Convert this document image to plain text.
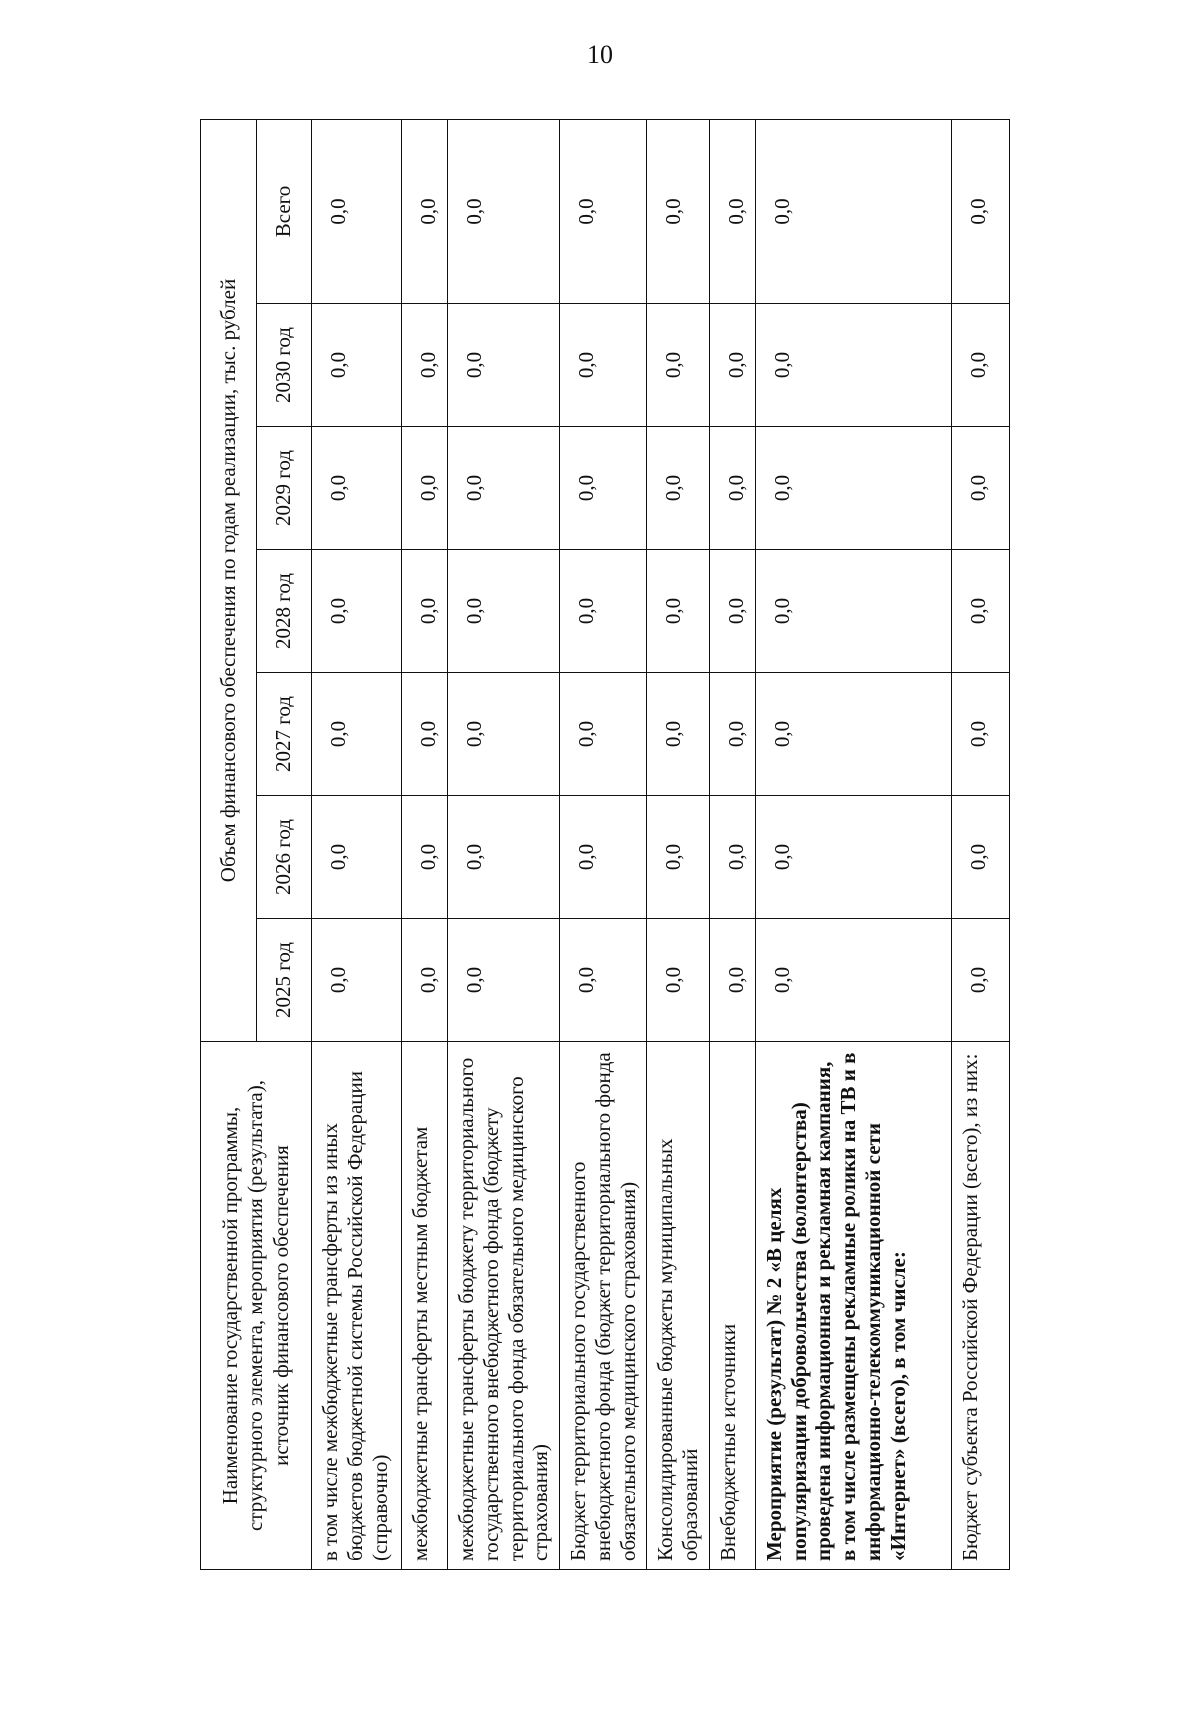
10
Наименование государственной программы, структурного элемента, мероприятия (результата), источник финансового обеспечения	Объем финансового обеспечения по годам реализации, тыс. рублей						
	2025 год	2026 год	2027 год	2028 год	2029 год	2030 год	Всего
в том числе межбюджетные трансферты из иных бюджетов бюджетной системы Российской Федерации (справочно)	0,0	0,0	0,0	0,0	0,0	0,0	0,0
межбюджетные трансферты местным бюджетам	0,0	0,0	0,0	0,0	0,0	0,0	0,0
межбюджетные трансферты бюджету территориального государственного внебюджетного фонда (бюджету территориального фонда обязательного медицинского страхования)	0,0	0,0	0,0	0,0	0,0	0,0	0,0
Бюджет территориального государственного внебюджетного фонда (бюджет территориального фонда обязательного медицинского страхования)	0,0	0,0	0,0	0,0	0,0	0,0	0,0
Консолидированные бюджеты муниципальных образований	0,0	0,0	0,0	0,0	0,0	0,0	0,0
Внебюджетные источники	0,0	0,0	0,0	0,0	0,0	0,0	0,0
Мероприятие (результат) № 2 «В целях популяризации добровольчества (волонтерства) проведена информационная и рекламная кампания, в том числе размещены рекламные ролики на ТВ и в информационно-телекоммуникационной сети «Интернет» (всего), в том числе:	0,0	0,0	0,0	0,0	0,0	0,0	0,0
Бюджет субъекта Российской Федерации (всего), из них:	0,0	0,0	0,0	0,0	0,0	0,0	0,0
